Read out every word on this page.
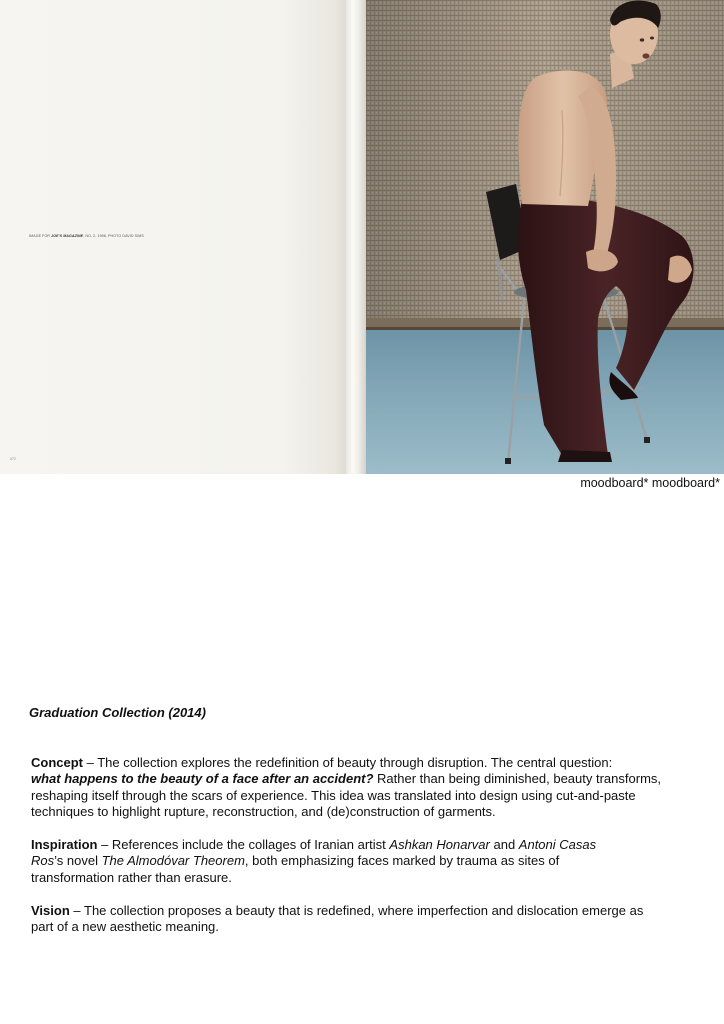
IMAGE FOR JOE'S MAGAZINE, NO. 2, 1998, PHOTO DAVID SIMS
072
moodboard* moodboard*
Graduation Collection (2014)

Concept – The collection explores the redefinition of beauty through disruption. The central question:
what happens to the beauty of a face after an accident? Rather than being diminished, beauty transforms, reshaping itself through the scars of experience. This idea was translated into design using cut-and-paste techniques to highlight rupture, reconstruction, and (de)construction of garments.

Inspiration – References include the collages of Iranian artist Ashkan Honarvar and Antoni Casas Ros’s novel The Almodóvar Theorem, both emphasizing faces marked by trauma as sites of transformation rather than erasure.

Vision – The collection proposes a beauty that is redefined, where imperfection and dislocation emerge as part of a new aesthetic meaning.
